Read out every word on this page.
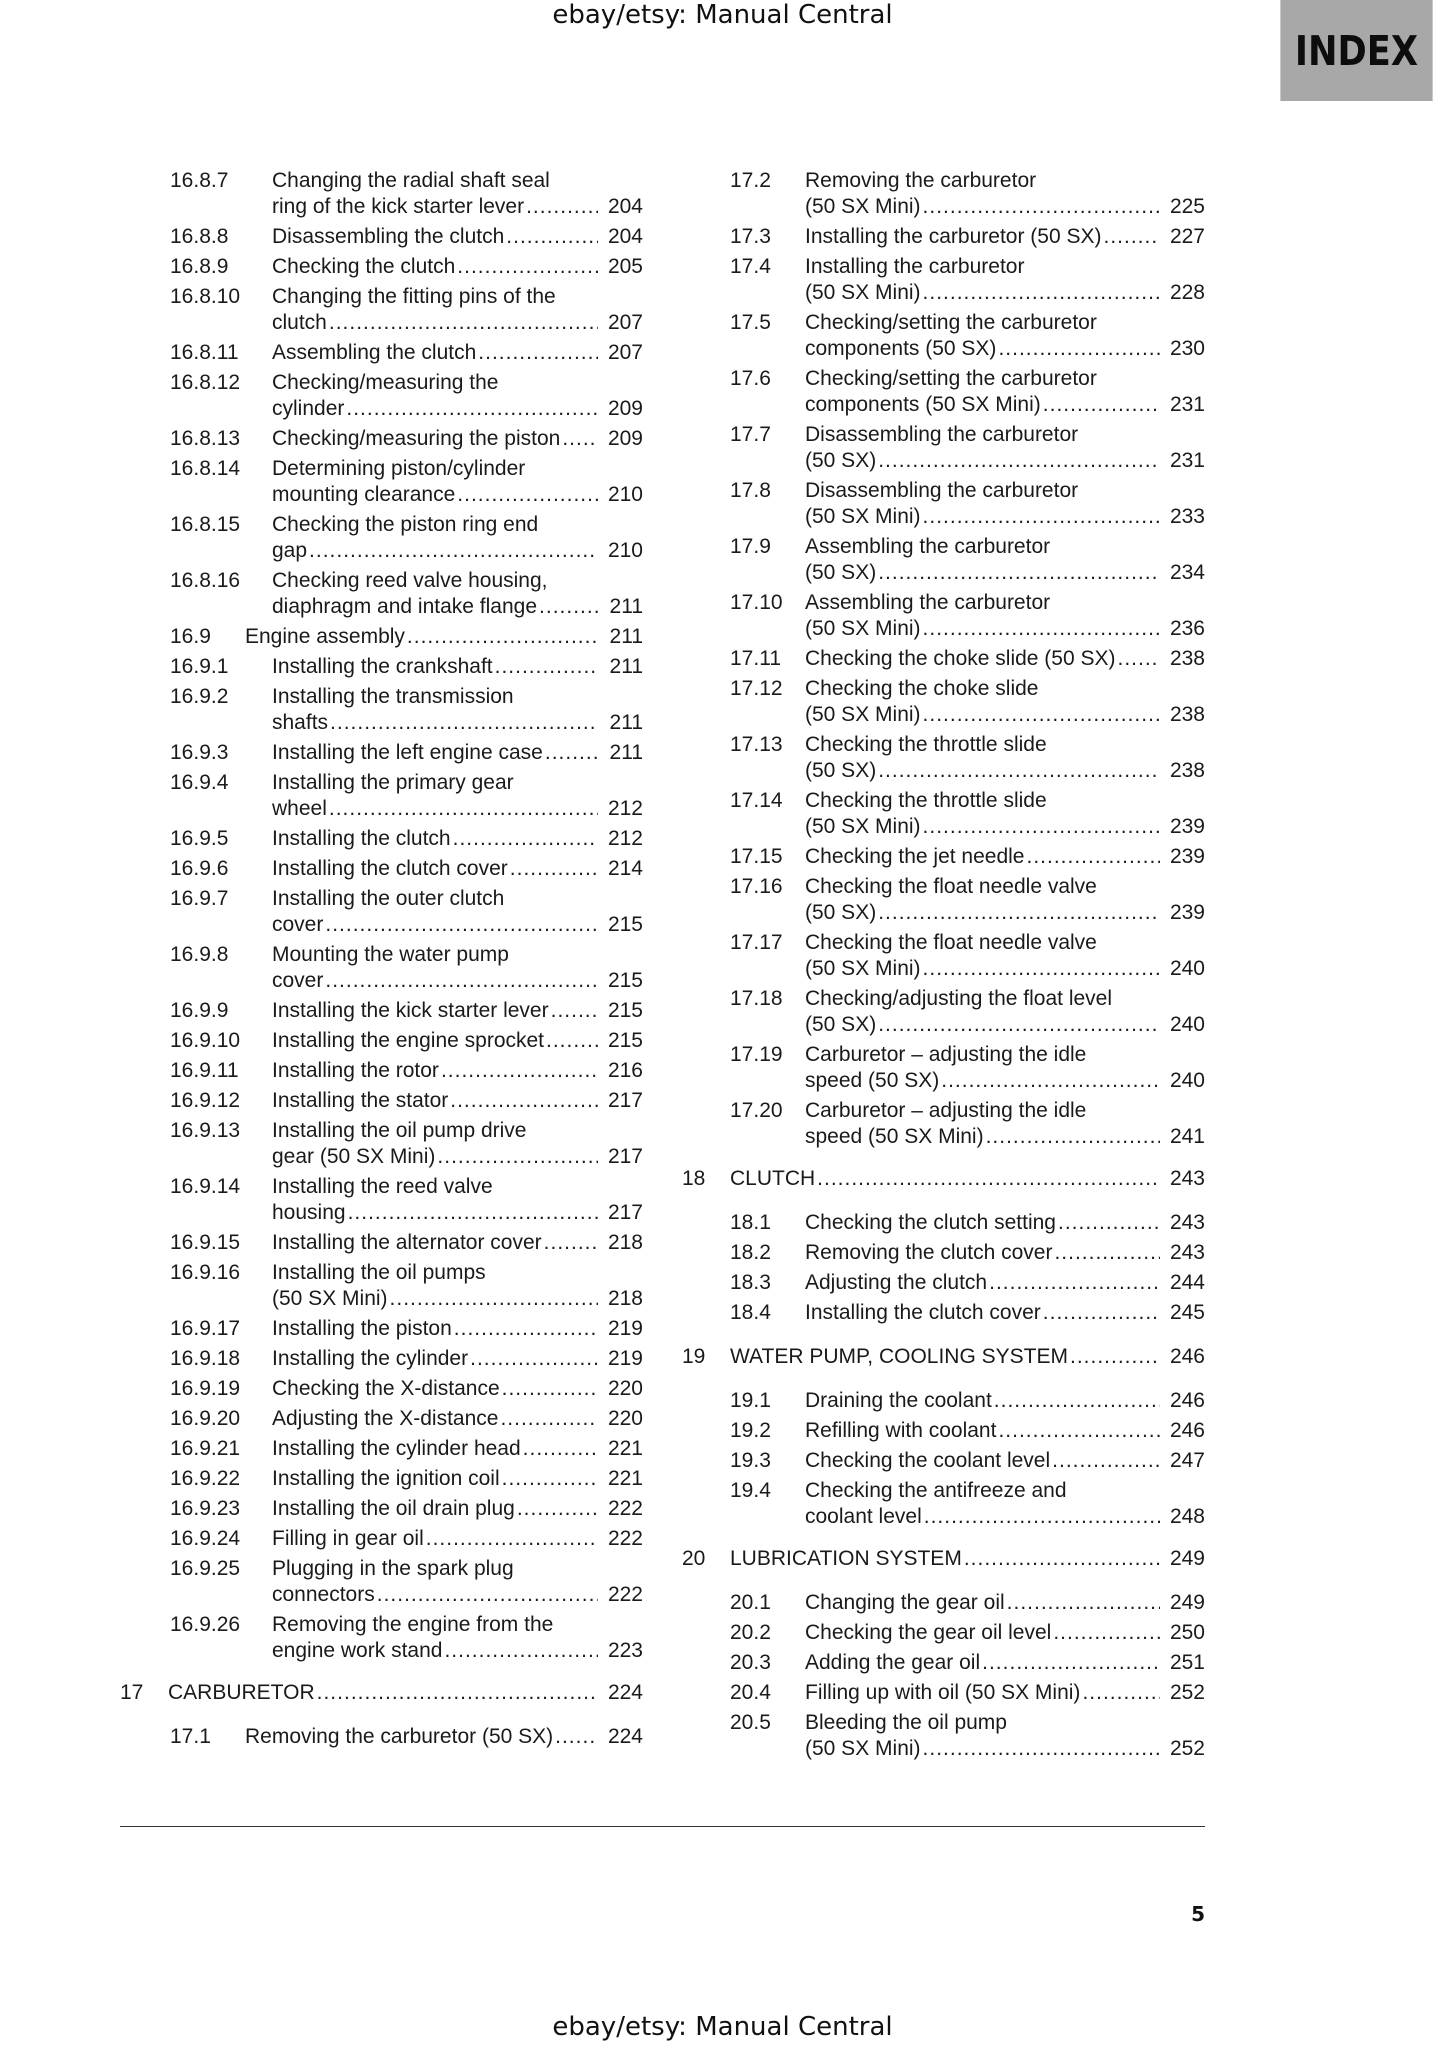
ebay/etsy: Manual Central
INDEX
16.8.7 Changing the radial shaft seal
ring of the kick starter lever .....	204
16.8.8 Disassembling the clutch .....	204
16.8.9 Checking the clutch .....	205
16.8.10 Changing the fitting pins of the
clutch .....	207
16.8.11 Assembling the clutch .....	207
16.8.12 Checking/measuring the
cylinder .....	209
16.8.13 Checking/measuring the piston .....	209
16.8.14 Determining piston/cylinder
mounting clearance .....	210
16.8.15 Checking the piston ring end
gap .....	210
16.8.16 Checking reed valve housing,
diaphragm and intake flange .....	211
16.9 Engine assembly .....	211
16.9.1 Installing the crankshaft .....	211
16.9.2 Installing the transmission
shafts .....	211
16.9.3 Installing the left engine case .....	211
16.9.4 Installing the primary gear
wheel .....	212
16.9.5 Installing the clutch .....	212
16.9.6 Installing the clutch cover .....	214
16.9.7 Installing the outer clutch
cover .....	215
16.9.8 Mounting the water pump
cover .....	215
16.9.9 Installing the kick starter lever .....	215
16.9.10 Installing the engine sprocket .....	215
16.9.11 Installing the rotor .....	216
16.9.12 Installing the stator .....	217
16.9.13 Installing the oil pump drive
gear (50 SX Mini) .....	217
16.9.14 Installing the reed valve
housing .....	217
16.9.15 Installing the alternator cover .....	218
16.9.16 Installing the oil pumps
(50 SX Mini) .....	218
16.9.17 Installing the piston .....	219
16.9.18 Installing the cylinder .....	219
16.9.19 Checking the X-distance .....	220
16.9.20 Adjusting the X-distance .....	220
16.9.21 Installing the cylinder head .....	221
16.9.22 Installing the ignition coil .....	221
16.9.23 Installing the oil drain plug .....	222
16.9.24 Filling in gear oil .....	222
16.9.25 Plugging in the spark plug
connectors .....	222
16.9.26 Removing the engine from the
engine work stand .....	223
17 CARBURETOR .....	224
17.1 Removing the carburetor (50 SX) .....	224
17.2 Removing the carburetor
(50 SX Mini) .....	225
17.3 Installing the carburetor (50 SX) .....	227
17.4 Installing the carburetor
(50 SX Mini) .....	228
17.5 Checking/setting the carburetor
components (50 SX) .....	230
17.6 Checking/setting the carburetor
components (50 SX Mini) .....	231
17.7 Disassembling the carburetor
(50 SX) .....	231
17.8 Disassembling the carburetor
(50 SX Mini) .....	233
17.9 Assembling the carburetor
(50 SX) .....	234
17.10 Assembling the carburetor
(50 SX Mini) .....	236
17.11 Checking the choke slide (50 SX) .....	238
17.12 Checking the choke slide
(50 SX Mini) .....	238
17.13 Checking the throttle slide
(50 SX) .....	238
17.14 Checking the throttle slide
(50 SX Mini) .....	239
17.15 Checking the jet needle .....	239
17.16 Checking the float needle valve
(50 SX) .....	239
17.17 Checking the float needle valve
(50 SX Mini) .....	240
17.18 Checking/adjusting the float level
(50 SX) .....	240
17.19 Carburetor – adjusting the idle
speed (50 SX) .....	240
17.20 Carburetor – adjusting the idle
speed (50 SX Mini) .....	241
18 CLUTCH .....	243
18.1 Checking the clutch setting .....	243
18.2 Removing the clutch cover .....	243
18.3 Adjusting the clutch .....	244
18.4 Installing the clutch cover .....	245
19 WATER PUMP, COOLING SYSTEM .....	246
19.1 Draining the coolant .....	246
19.2 Refilling with coolant .....	246
19.3 Checking the coolant level .....	247
19.4 Checking the antifreeze and
coolant level .....	248
20 LUBRICATION SYSTEM .....	249
20.1 Changing the gear oil .....	249
20.2 Checking the gear oil level .....	250
20.3 Adding the gear oil .....	251
20.4 Filling up with oil (50 SX Mini) .....	252
20.5 Bleeding the oil pump
(50 SX Mini) .....	252
5
ebay/etsy: Manual Central
